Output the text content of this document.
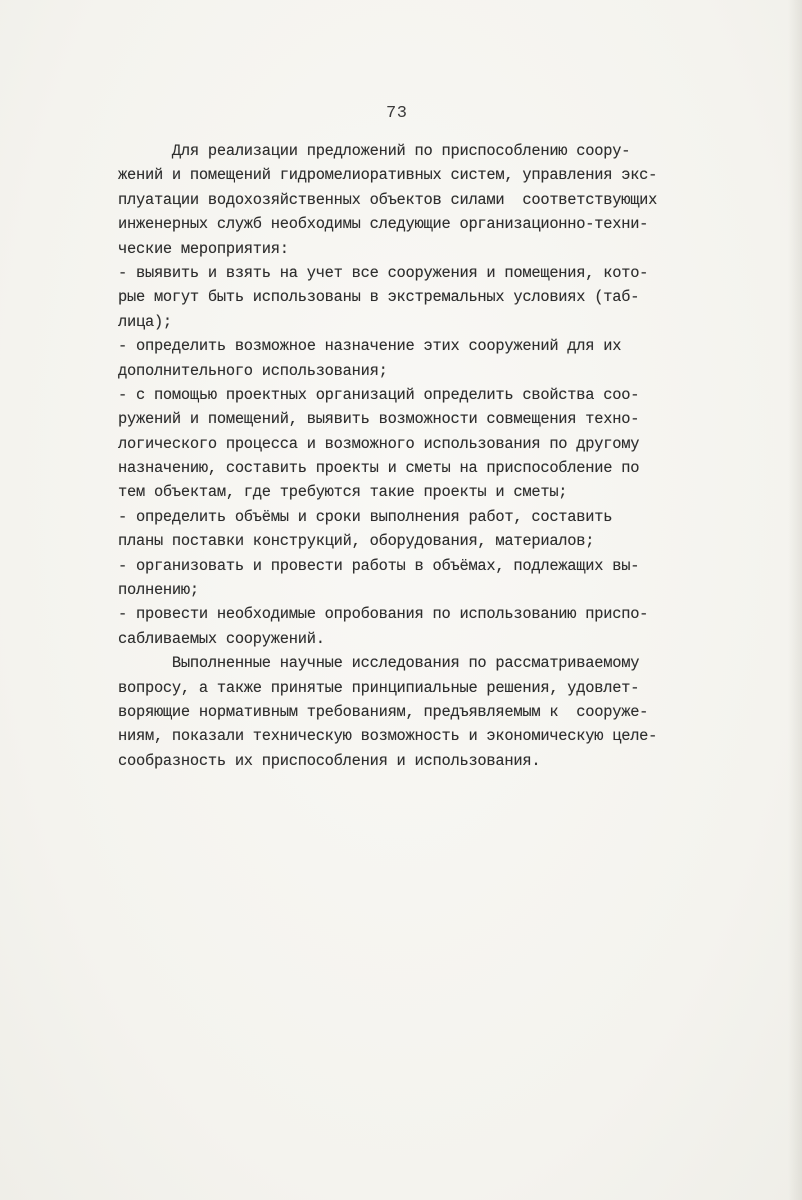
73
Для реализации предложений по приспособлению соору-
жений и помещений гидромелиоративных систем, управления экс-
плуатации водохозяйственных объектов силами  соответствующих
инженерных служб необходимы следующие организационно-техни-
ческие мероприятия:
- выявить и взять на учет все сооружения и помещения, кото-
рые могут быть использованы в экстремальных условиях (таб-
лица);
- определить возможное назначение этих сооружений для их
дополнительного использования;
- с помощью проектных организаций определить свойства соо-
ружений и помещений, выявить возможности совмещения техно-
логического процесса и возможного использования по другому
назначению, составить проекты и сметы на приспособление по
тем объектам, где требуются такие проекты и сметы;
- определить объёмы и сроки выполнения работ, составить
планы поставки конструкций, оборудования, материалов;
- организовать и провести работы в объёмах, подлежащих вы-
полнению;
- провести необходимые опробования по использованию приспо-
сабливаемых сооружений.
Выполненные научные исследования по рассматриваемому
вопросу, а также принятые принципиальные решения, удовлет-
воряющие нормативным требованиям, предъявляемым к  сооруже-
ниям, показали техническую возможность и экономическую целе-
сообразность их приспособления и использования.
